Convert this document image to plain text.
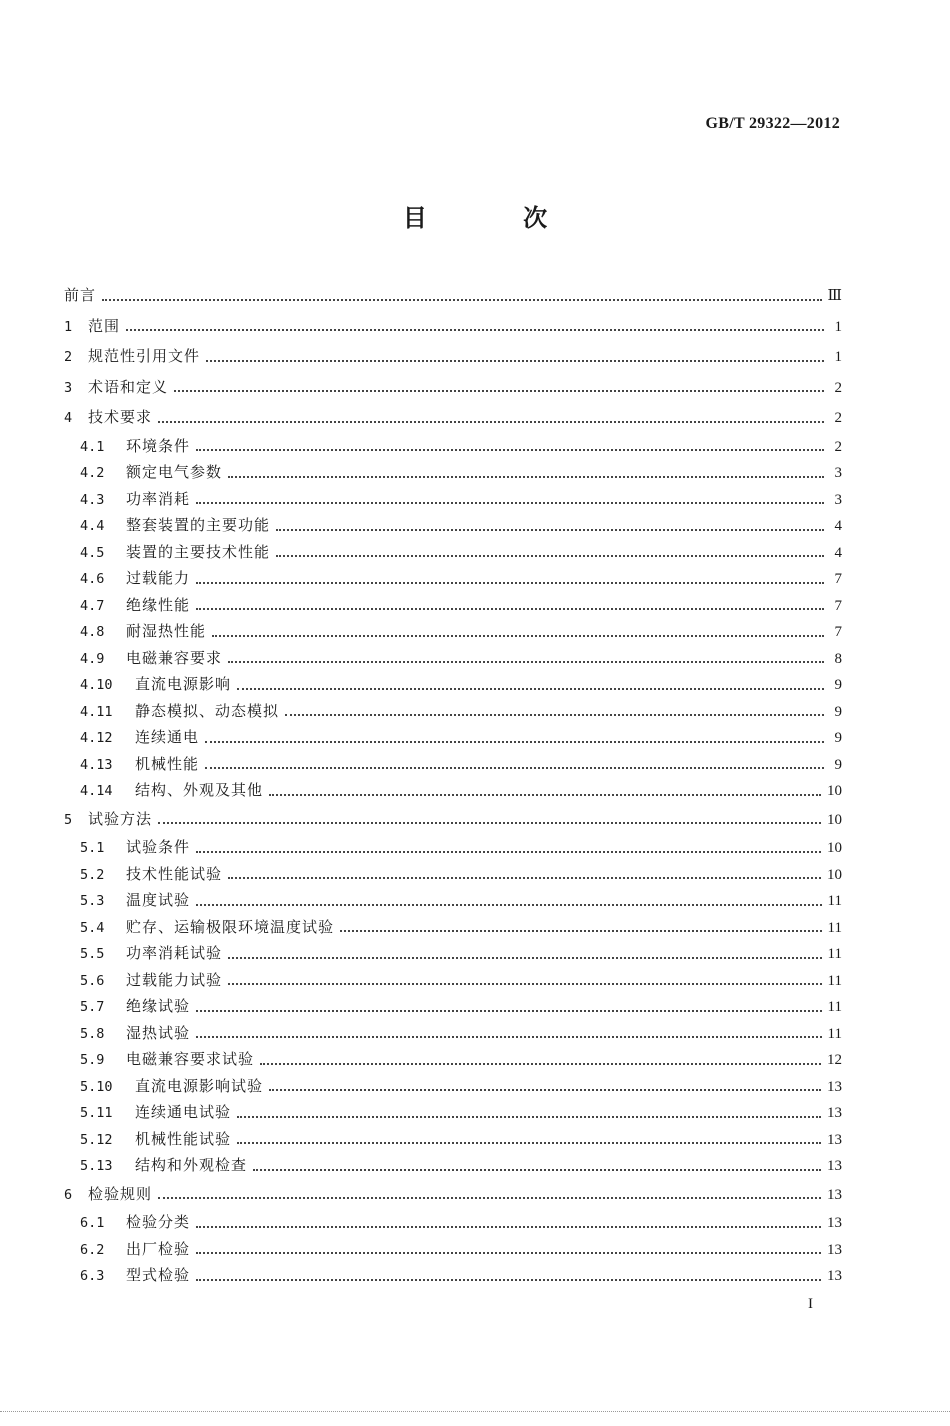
GB/T 29322—2012
目 次
前言	Ⅲ
1	范围	1
2	规范性引用文件	1
3	术语和定义	2
4	技术要求	2
4.1	环境条件	2
4.2	额定电气参数	3
4.3	功率消耗	3
4.4	整套装置的主要功能	4
4.5	装置的主要技术性能	4
4.6	过载能力	7
4.7	绝缘性能	7
4.8	耐湿热性能	7
4.9	电磁兼容要求	8
4.10	直流电源影响	9
4.11	静态模拟、动态模拟	9
4.12	连续通电	9
4.13	机械性能	9
4.14	结构、外观及其他	10
5	试验方法	10
5.1	试验条件	10
5.2	技术性能试验	10
5.3	温度试验	11
5.4	贮存、运输极限环境温度试验	11
5.5	功率消耗试验	11
5.6	过载能力试验	11
5.7	绝缘试验	11
5.8	湿热试验	11
5.9	电磁兼容要求试验	12
5.10	直流电源影响试验	13
5.11	连续通电试验	13
5.12	机械性能试验	13
5.13	结构和外观检查	13
6	检验规则	13
6.1	检验分类	13
6.2	出厂检验	13
6.3	型式检验	13
I
